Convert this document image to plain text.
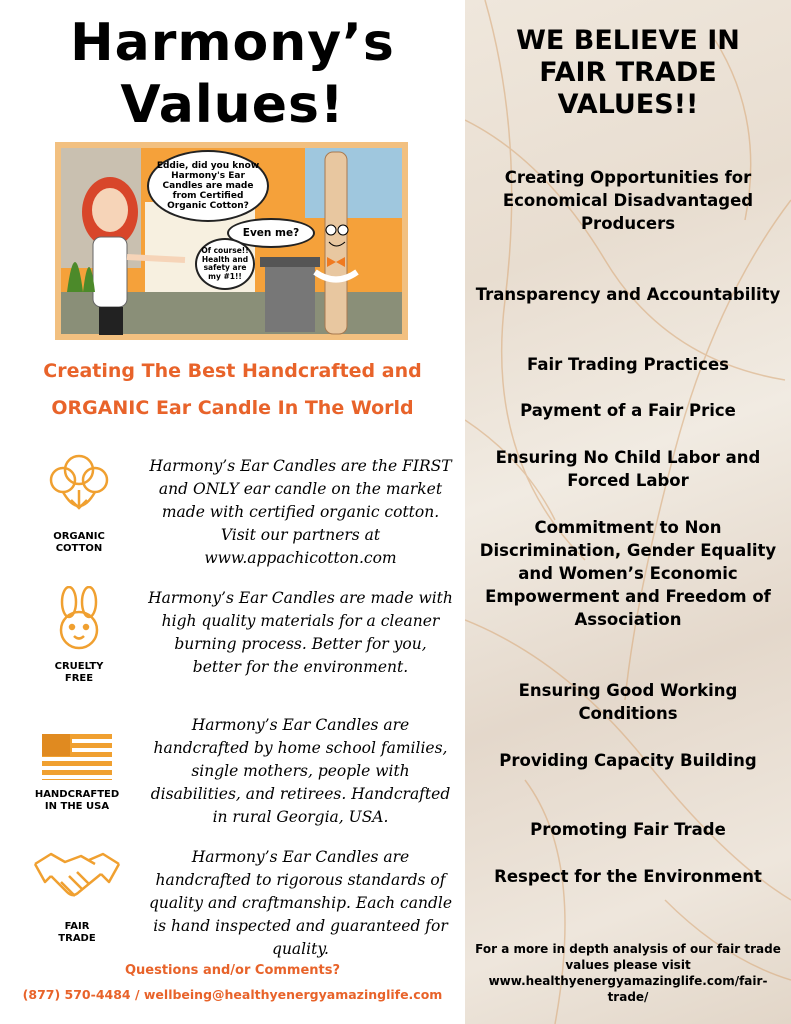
Harmony’s
Values!
Eddie, did you know Harmony's Ear Candles are made from Certified Organic Cotton?
Even me?
Of course!! Health and safety are my #1!!
Creating The Best Handcrafted and
ORGANIC Ear Candle In The World
ORGANIC
COTTON
Harmony’s Ear Candles are the FIRST and ONLY ear candle on the market made with certified organic cotton. Visit our partners at www.appachicotton.com
CRUELTY
FREE
Harmony’s Ear Candles are made with high quality materials for a cleaner burning process. Better for you, better for the environment.
HANDCRAFTED
IN THE USA
Harmony’s Ear Candles are handcrafted by home school families, single mothers, people with disabilities, and retirees. Handcrafted in rural Georgia, USA.
FAIR
TRADE
Harmony’s Ear Candles are handcrafted to rigorous standards of quality and craftmanship. Each candle is hand inspected and guaranteed for quality.
Questions and/or Comments?
(877) 570-4484 / wellbeing@healthyenergyamazinglife.com
WE BELIEVE IN
FAIR TRADE
VALUES!!
Creating Opportunities for Economical Disadvantaged Producers
Transparency and Accountability
Fair Trading Practices
Payment of a Fair Price
Ensuring No Child Labor and Forced Labor
Commitment to Non Discrimination, Gender Equality and Women’s Economic Empowerment and Freedom of Association
Ensuring Good Working Conditions
Providing Capacity Building
Promoting Fair Trade
Respect for the Environment
For a more in depth analysis of our fair trade values please visit www.healthyenergyamazinglife.com/fair-trade/
